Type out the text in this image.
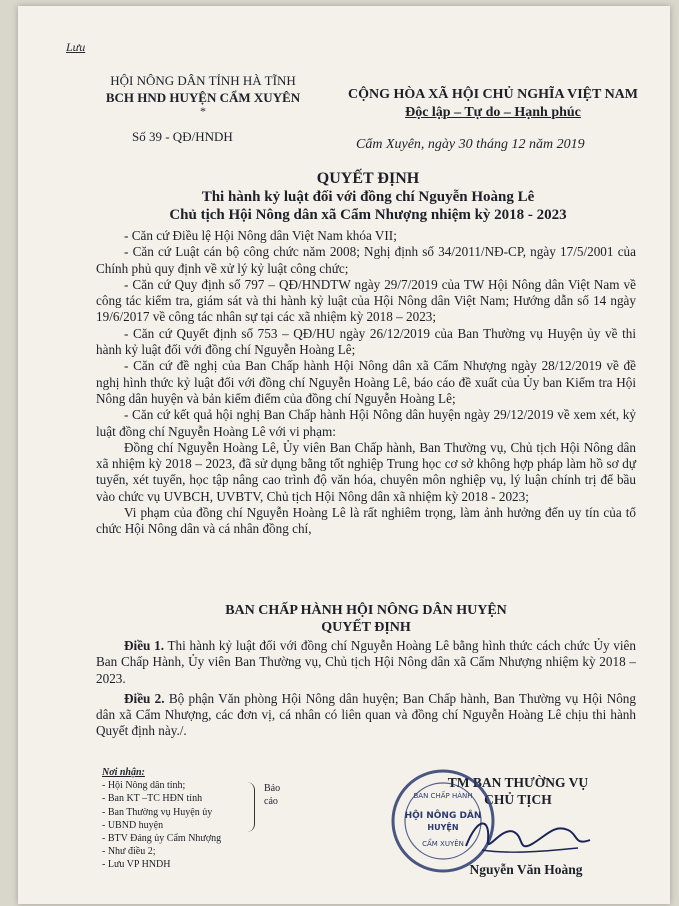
Lưu
HỘI NÔNG DÂN TỈNH HÀ TĨNH
BCH HND HUYỆN CẨM XUYÊN
*
CỘNG HÒA XÃ HỘI CHỦ NGHĨA VIỆT NAM
Độc lập – Tự do – Hạnh phúc
Số 39 - QĐ/HNDH
Cẩm Xuyên, ngày 30 tháng 12 năm 2019
QUYẾT ĐỊNH
Thi hành kỷ luật đối với đồng chí Nguyễn Hoàng Lê
Chủ tịch Hội Nông dân xã Cẩm Nhượng nhiệm kỳ 2018 - 2023

- Căn cứ Điều lệ Hội Nông dân Việt Nam khóa VII;

- Căn cứ Luật cán bộ công chức năm 2008; Nghị định số 34/2011/NĐ-CP, ngày 17/5/2001 của Chính phủ quy định về xử lý kỷ luật công chức;

- Căn cứ Quy định số 797 – QĐ/HNDTW ngày 29/7/2019 của TW Hội Nông dân Việt Nam về công tác kiểm tra, giám sát và thi hành kỷ luật của Hội Nông dân Việt Nam; Hướng dẫn số 14 ngày 19/6/2017 về công tác nhân sự tại các xã nhiệm kỳ 2018 – 2023;

- Căn cứ Quyết định số 753 – QĐ/HU ngày 26/12/2019 của Ban Thường vụ Huyện ủy về thi hành kỷ luật đối với đồng chí Nguyễn Hoàng Lê;

- Căn cứ đề nghị của Ban Chấp hành Hội Nông dân xã Cẩm Nhượng ngày 28/12/2019 về đề nghị hình thức kỷ luật đối với đồng chí Nguyễn Hoàng Lê, báo cáo đề xuất của Ủy ban Kiểm tra Hội Nông dân huyện và bản kiểm điểm của đồng chí Nguyễn Hoàng Lê;

- Căn cứ kết quả hội nghị Ban Chấp hành Hội Nông dân huyện ngày 29/12/2019 về xem xét, kỷ luật đồng chí Nguyễn Hoàng Lê với vi phạm:

Đồng chí Nguyễn Hoàng Lê, Ủy viên Ban Chấp hành, Ban Thường vụ, Chủ tịch Hội Nông dân xã nhiệm kỳ 2018 – 2023, đã sử dụng bằng tốt nghiệp Trung học cơ sở không hợp pháp làm hồ sơ dự tuyển, xét tuyển, học tập nâng cao trình độ văn hóa, chuyên môn nghiệp vụ, lý luận chính trị để bầu vào chức vụ UVBCH, UVBTV, Chủ tịch Hội Nông dân xã nhiệm kỳ 2018 - 2023;

Vi phạm của đồng chí Nguyễn Hoàng Lê là rất nghiêm trọng, làm ảnh hưởng đến uy tín của tổ chức Hội Nông dân và cá nhân đồng chí,

BAN CHẤP HÀNH HỘI NÔNG DÂN HUYỆN
QUYẾT ĐỊNH

Điều 1. Thi hành kỷ luật đối với đồng chí Nguyễn Hoàng Lê bằng hình thức cách chức Ủy viên Ban Chấp Hành, Ủy viên Ban Thường vụ, Chủ tịch Hội Nông dân xã Cẩm Nhượng nhiệm kỳ 2018 – 2023.

Điều 2. Bộ phận Văn phòng Hội Nông dân huyện; Ban Chấp hành, Ban Thường vụ Hội Nông dân xã Cẩm Nhượng, các đơn vị, cá nhân có liên quan và đồng chí Nguyễn Hoàng Lê chịu thi hành Quyết định này./.

Nơi nhận:
- Hội Nông dân tỉnh;
- Ban KT –TC HĐN tỉnh
- Ban Thường vụ Huyện ủy
- UBND huyện
- BTV Đảng ủy Cẩm Nhượng
- Như điều 2;
- Lưu VP HNDH
Báo
cáo
TM BAN THƯỜNG VỤ
CHỦ TỊCH
BAN CHẤP HÀNH
HỘI NÔNG DÂN
HUYỆN
CẨM XUYÊN
Nguyễn Văn Hoàng
